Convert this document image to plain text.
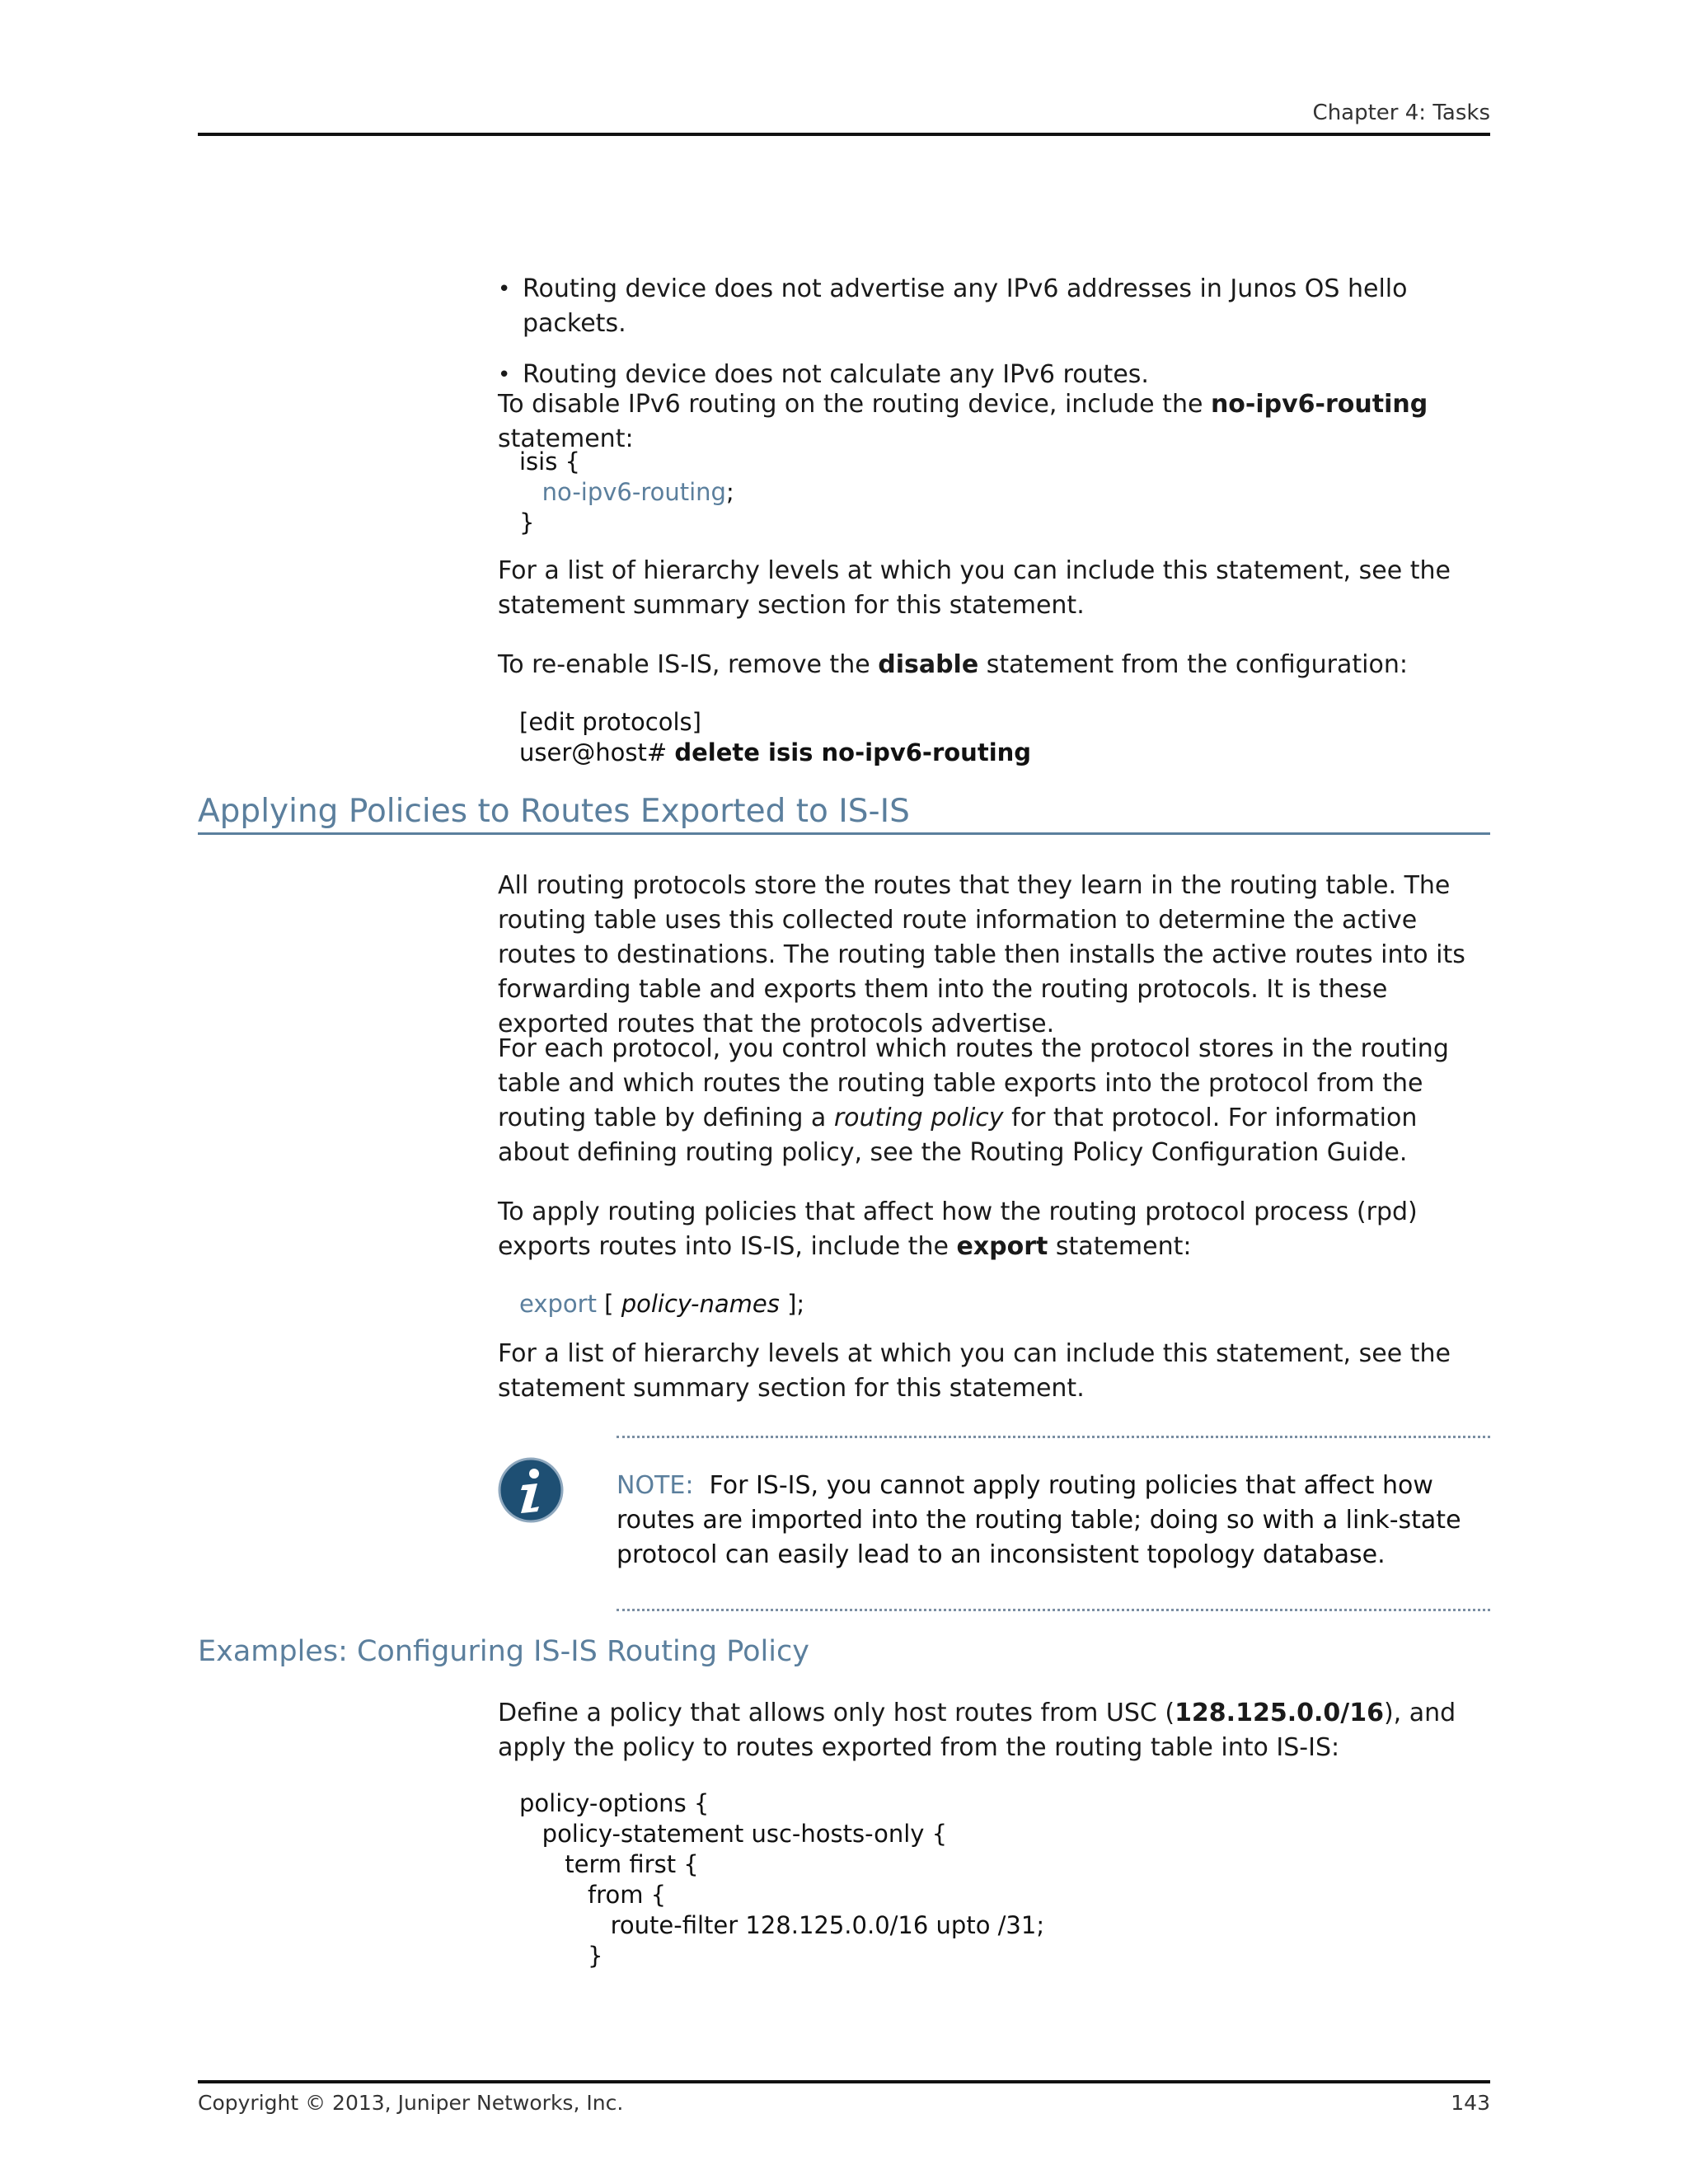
Chapter 4: Tasks
• Routing device does not advertise any IPv6 addresses in Junos OS hello packets.
• Routing device does not calculate any IPv6 routes.

To disable IPv6 routing on the routing device, include the no-ipv6-routing statement:

isis {
no-ipv6-routing;
}

For a list of hierarchy levels at which you can include this statement, see the statement summary section for this statement.

To re-enable IS-IS, remove the disable statement from the configuration:

[edit protocols]
user@host# delete isis no-ipv6-routing
Applying Policies to Routes Exported to IS-IS

All routing protocols store the routes that they learn in the routing table. The routing table uses this collected route information to determine the active routes to destinations. The routing table then installs the active routes into its forwarding table and exports them into the routing protocols. It is these exported routes that the protocols advertise.

For each protocol, you control which routes the protocol stores in the routing table and which routes the routing table exports into the protocol from the routing table by defining a routing policy for that protocol. For information about defining routing policy, see the Routing Policy Configuration Guide.

To apply routing policies that affect how the routing protocol process (rpd) exports routes into IS-IS, include the export statement:

export [ policy-names ];

For a list of hierarchy levels at which you can include this statement, see the statement summary section for this statement.

NOTE: For IS-IS, you cannot apply routing policies that affect how routes are imported into the routing table; doing so with a link-state protocol can easily lead to an inconsistent topology database.
Examples: Configuring IS-IS Routing Policy

Define a policy that allows only host routes from USC (128.125.0.0/16), and apply the policy to routes exported from the routing table into IS-IS:

policy-options {
policy-statement usc-hosts-only {
term first {
from {
route-filter 128.125.0.0/16 upto /31;
}
Copyright © 2013, Juniper Networks, Inc.	143
